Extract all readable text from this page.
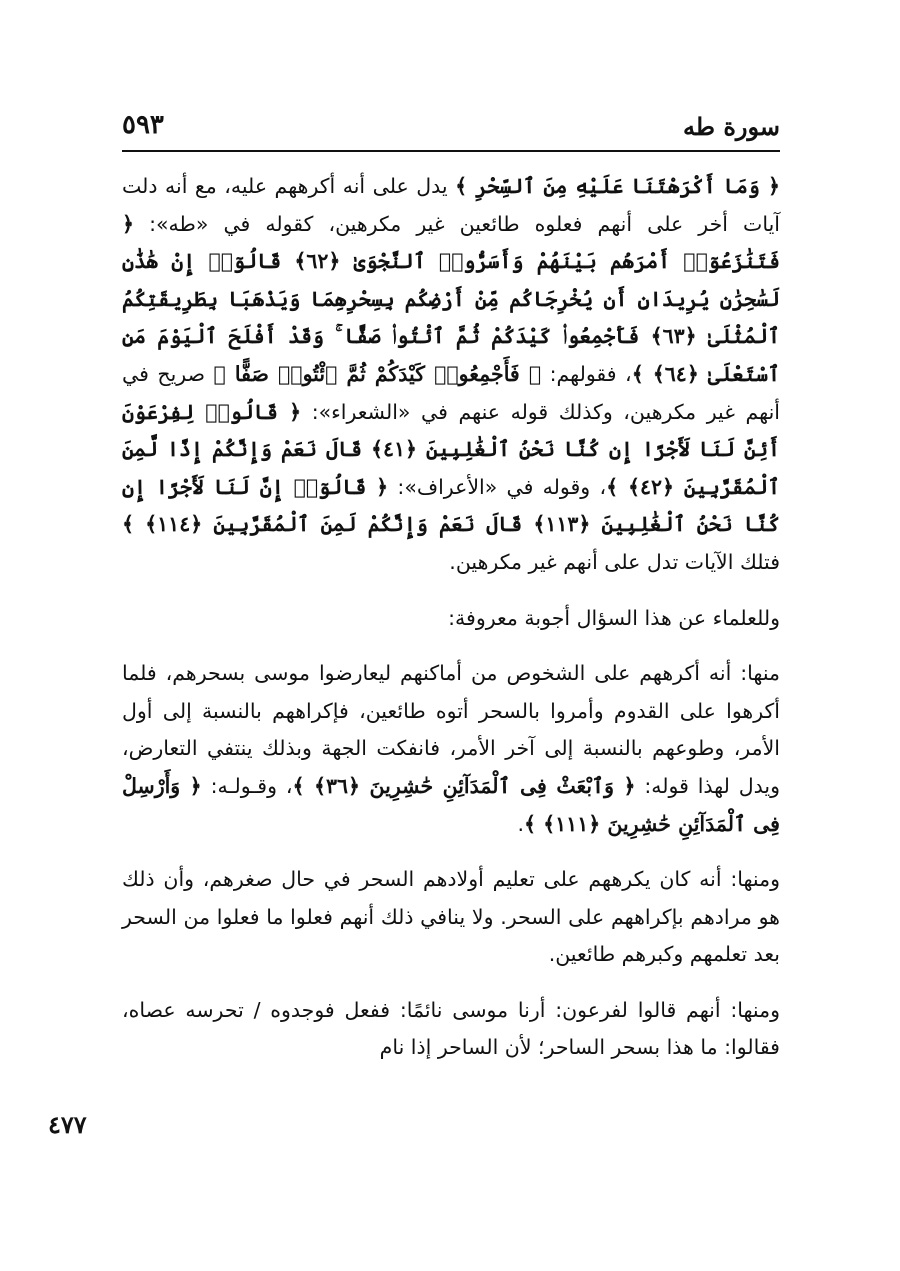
سورة طه
٥٩٣

﴿ وَمَا أَكْرَهْتَنَا عَلَيْهِ مِنَ ٱلسِّحْرِ ﴾ يدل على أنه أكرههم عليه، مع أنه دلت آيات أخر على أنهم فعلوه طائعين غير مكرهين، كقوله في «طه»: ﴿ فَتَنَٰزَعُوٓا۟ أَمْرَهُم بَيْنَهُمْ وَأَسَرُّوا۟ ٱلنَّجْوَىٰ ﴿٦٢﴾ قَالُوٓا۟ إِنْ هَٰذَٰنِ لَسَٰحِرَٰنِ يُرِيدَانِ أَن يُخْرِجَاكُم مِّنْ أَرْضِكُم بِسِحْرِهِمَا وَيَذْهَبَا بِطَرِيقَتِكُمُ ٱلْمُثْلَىٰ ﴿٦٣﴾ فَأَجْمِعُوا۟ كَيْدَكُمْ ثُمَّ ٱئْتُوا۟ صَفًّا ۚ وَقَدْ أَفْلَحَ ٱلْيَوْمَ مَنِ ٱسْتَعْلَىٰ ﴿٦٤﴾ ﴾، فقولهم: ﴿ فَأَجْمِعُوا۟ كَيْدَكُمْ ثُمَّ ٱئْتُوا۟ صَفًّا ﴾ صريح في أنهم غير مكرهين، وكذلك قوله عنهم في «الشعراء»: ﴿ قَالُوا۟ لِفِرْعَوْنَ أَئِنَّ لَنَا لَأَجْرًا إِن كُنَّا نَحْنُ ٱلْغَٰلِبِينَ ﴿٤١﴾ قَالَ نَعَمْ وَإِنَّكُمْ إِذًا لَّمِنَ ٱلْمُقَرَّبِينَ ﴿٤٢﴾ ﴾، وقوله في «الأعراف»: ﴿ قَالُوٓا۟ إِنَّ لَنَا لَأَجْرًا إِن كُنَّا نَحْنُ ٱلْغَٰلِبِينَ ﴿١١٣﴾ قَالَ نَعَمْ وَإِنَّكُمْ لَمِنَ ٱلْمُقَرَّبِينَ ﴿١١٤﴾ ﴾ فتلك الآيات تدل على أنهم غير مكرهين.

وللعلماء عن هذا السؤال أجوبة معروفة:

منها: أنه أكرههم على الشخوص من أماكنهم ليعارضوا موسى بسحرهم، فلما أكرهوا على القدوم وأمروا بالسحر أتوه طائعين، فإكراههم بالنسبة إلى أول الأمر، وطوعهم بالنسبة إلى آخر الأمر، فانفكت الجهة وبذلك ينتفي التعارض، ويدل لهذا قوله: ﴿ وَٱبْعَثْ فِى ٱلْمَدَآئِنِ حَٰشِرِينَ ﴿٣٦﴾ ﴾، وقـولـه: ﴿ وَأَرْسِلْ فِى ٱلْمَدَآئِنِ حَٰشِرِينَ ﴿١١١﴾ ﴾.

ومنها: أنه كان يكرههم على تعليم أولادهم السحر في حال صغرهم، وأن ذلك هو مرادهم بإكراههم على السحر. ولا ينافي ذلك أنهم فعلوا ما فعلوا من السحر بعد تعلمهم وكبرهم طائعين.

ومنها: أنهم قالوا لفرعون: أرنا موسى نائمًا: ففعل فوجدوه / تحرسه عصاه، فقالوا: ما هذا بسحر الساحر؛ لأن الساحر إذا نام

٤٧٧
